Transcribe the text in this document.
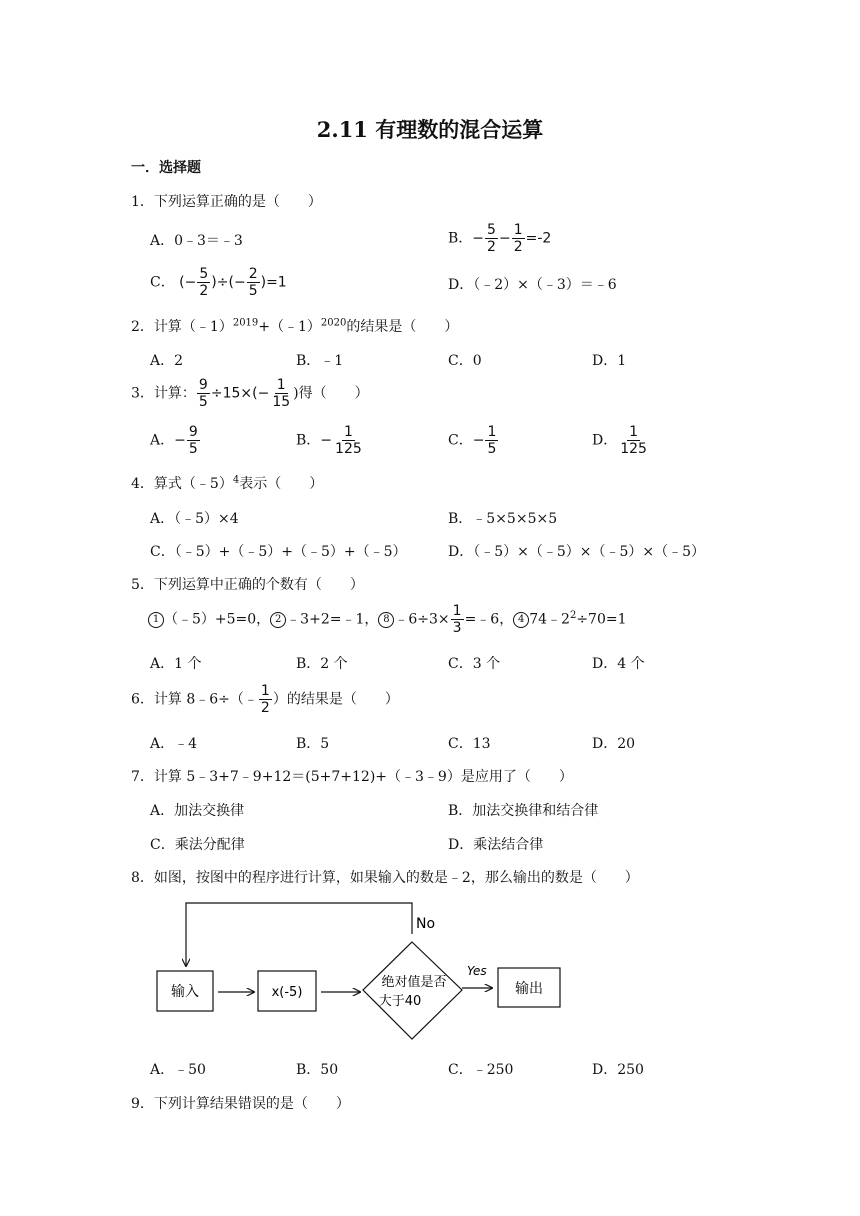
2.11 有理数的混合运算
一．选择题
1．下列运算正确的是（　　）
A．0﹣3＝﹣3	B．− $\frac{5}{2} - \frac{1}{2} =-2$
C． (− $\frac{5}{2}$ )÷(− $\frac{2}{5} )=1$	D．（﹣2）×（﹣3）＝﹣6
2．计算（﹣1）$^{2019}$+（﹣1）$^{2020}$的结果是（　　）
A．2	B．﹣1	C．0	D．1
3．计算： $\frac{9}{5} \div 15\times(- \frac{1}{15}$ )得（　　）
A．− $\frac{9}{5}$	B．− $\frac{1}{125}$	C．− $\frac{1}{5}$	D． $\frac{1}{125}$
4．算式（﹣5）$^4$表示（　　）
A．（﹣5）×4	B．﹣5×5×5×5
C．（﹣5）+（﹣5）+（﹣5）+（﹣5）	D．（﹣5）×（﹣5）×（﹣5）×（﹣5）
5．下列运算中正确的个数有（　　）
1 （﹣5）+5=0， 2 ﹣3+2=﹣1， 8 ﹣6÷3× $\frac{1}{3}$ =﹣6， 4 $74﹣2^2\div 70=1$
A．1 个	B．2 个	C．3 个	D．4 个
6．计算 8﹣6÷（﹣ $\frac{1}{2}$ ）的结果是（　　）
A．﹣4	B．5	C．13	D．20
7．计算 5﹣3+7﹣9+12＝(5+7+12)+（﹣3﹣9）是应用了（　　）
A．加法交换律	B．加法交换律和结合律
C．乘法分配律	D．乘法结合律
8．如图，按图中的程序进行计算，如果输入的数是﹣2，那么输出的数是（　　）
输入	x(-5)
绝对值是否
大于40
No
Yes
输出
A．﹣50	B．50	C．﹣250	D．250
9．下列计算结果错误的是（　　）
